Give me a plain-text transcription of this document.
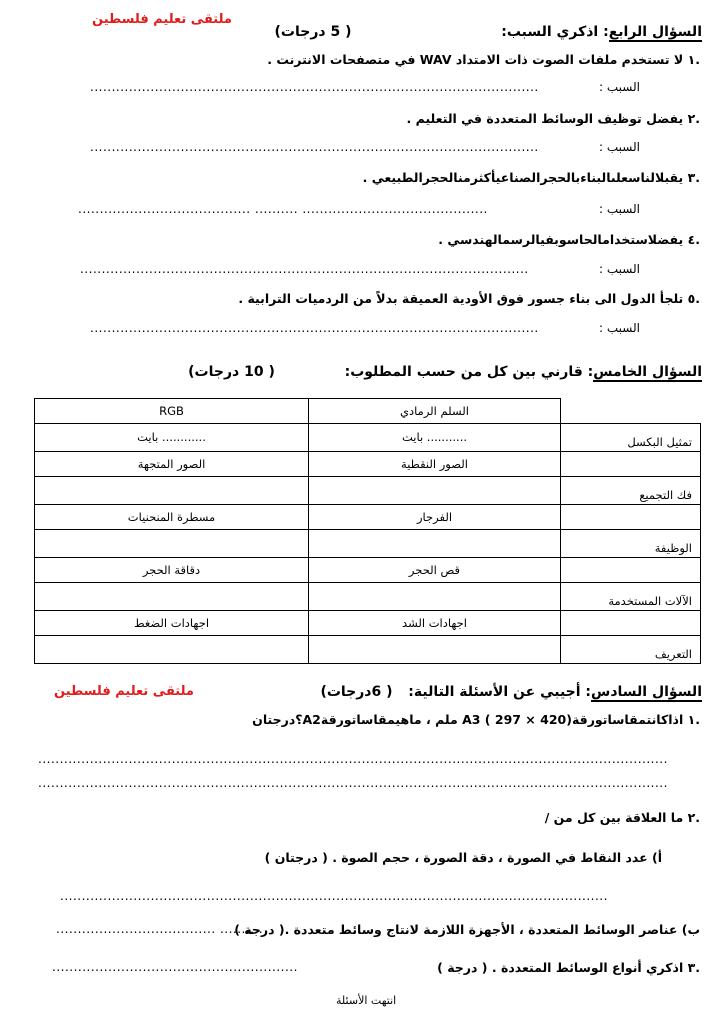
ملتقى تعليم فلسطين
السؤال الرابع: اذكري السبب:  ( 5 درجات)
.١ لا تستخدم ملفات الصوت ذات الامتداد WAV في متصفحات الانترنت .
السبب :
........................................................................................................
.٢ يفضل توظيف الوسائط المتعددة في التعليم .
السبب :
........................................................................................................
.٣ يقبلالناسعلىالبناءبالحجرالصناعيأكثرمنالحجرالطبيعي .
السبب :
........................................ .......... ...........................................
.٤ يفضلاستخدامالحاسوبفيالرسمالهندسي .
السبب :
........................................................................................................
.٥ تلجأ الدول الى بناء جسور فوق الأودية العميقة بدلاً من الردميات الترابية .
السبب :
........................................................................................................
السؤال الخامس: قارني بين كل من حسب المطلوب:  ( 10 درجات)
	السلم الرمادي	RGB
تمثيل البكسل	........... بايت	............ بايت
	الصور النقطية	الصور المتجهة
فك التجميع		
	الفرجار	مسطرة المنحنيات
الوظيفة		
	قص الحجر	دقاقة الحجر
الآلات المستخدمة		
	اجهادات الشد	اجهادات الضغط
التعريف		
ملتقى تعليم فلسطين	السؤال السادس: أجيبي عن الأسئلة التالية:  ( 6درجات)
.١ اذاكانتمقاساتورقةA3 ( 297 × 420) ملم ، ماهيمقاساتورقةA2؟درجتان
..................................................................................................................................................
..................................................................................................................................................
.٢ ما العلاقة بين كل من /
أ) عدد النقاط في الصورة ، دقة الصورة ، حجم الصوة . ( درجتان )
...............................................................................................................................
ب) عناصر الوسائط المتعددة ، الأجهزة اللازمة لانتاج وسائط متعددة .( درجة )
..................................... ..........
.٣ اذكري أنواع الوسائط المتعددة . ( درجة )
.........................................................
انتهت الأسئلة
